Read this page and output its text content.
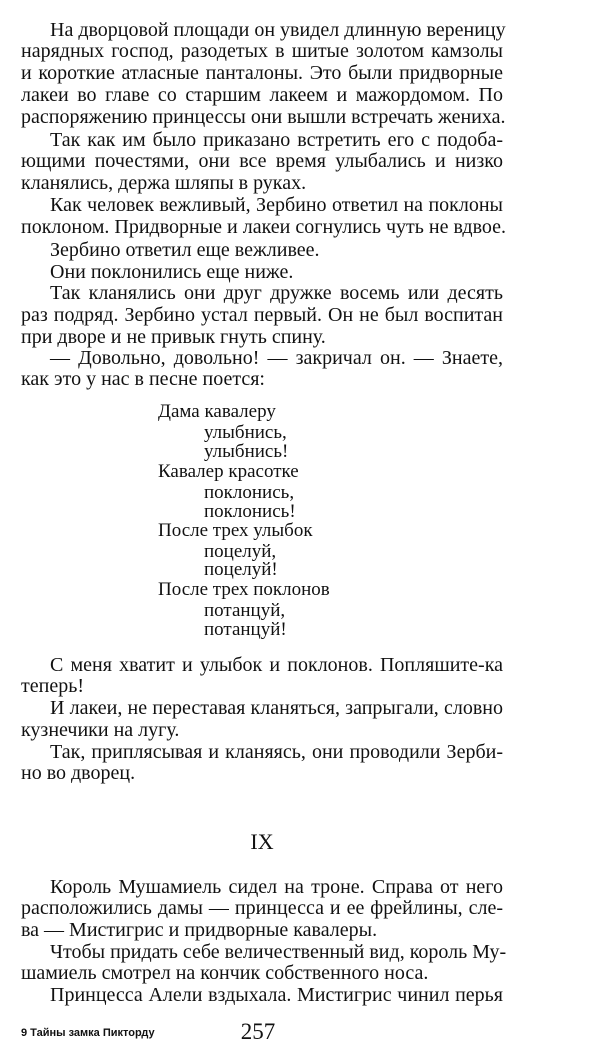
На дворцовой площади он увидел длинную вереницу
нарядных господ, разодетых в шитые золотом камзолы
и короткие атласные панталоны. Это были придворные
лакеи во главе со старшим лакеем и мажордомом. По
распоряжению принцессы они вышли встречать жениха.
Так как им было приказано встретить его с подоба-
ющими почестями, они все время улыбались и низко
кланялись, держа шляпы в руках.
Как человек вежливый, Зербино ответил на поклоны
поклоном. Придворные и лакеи согнулись чуть не вдвое.
Зербино ответил еще вежливее.
Они поклонились еще ниже.
Так кланялись они друг дружке восемь или десять
раз подряд. Зербино устал первый. Он не был воспитан
при дворе и не привык гнуть спину.
— Довольно, довольно! — закричал он. — Знаете,
как это у нас в песне поется:
Дама кавалеру
улыбнись,
улыбнись!
Кавалер красотке
поклонись,
поклонись!
После трех улыбок
поцелуй,
поцелуй!
После трех поклонов
потанцуй,
потанцуй!
С меня хватит и улыбок и поклонов. Попляшите-ка
теперь!
И лакеи, не переставая кланяться, запрыгали, словно
кузнечики на лугу.
Так, приплясывая и кланяясь, они проводили Зерби-
но во дворец.
IX
Король Мушамиель сидел на троне. Справа от него
расположились дамы — принцесса и ее фрейлины, сле-
ва — Мистигрис и придворные кавалеры.
Чтобы придать себе величественный вид, король Му-
шамиель смотрел на кончик собственного носа.
Принцесса Алели вздыхала. Мистигрис чинил перья
9 Тайны замка Пикторду	257
